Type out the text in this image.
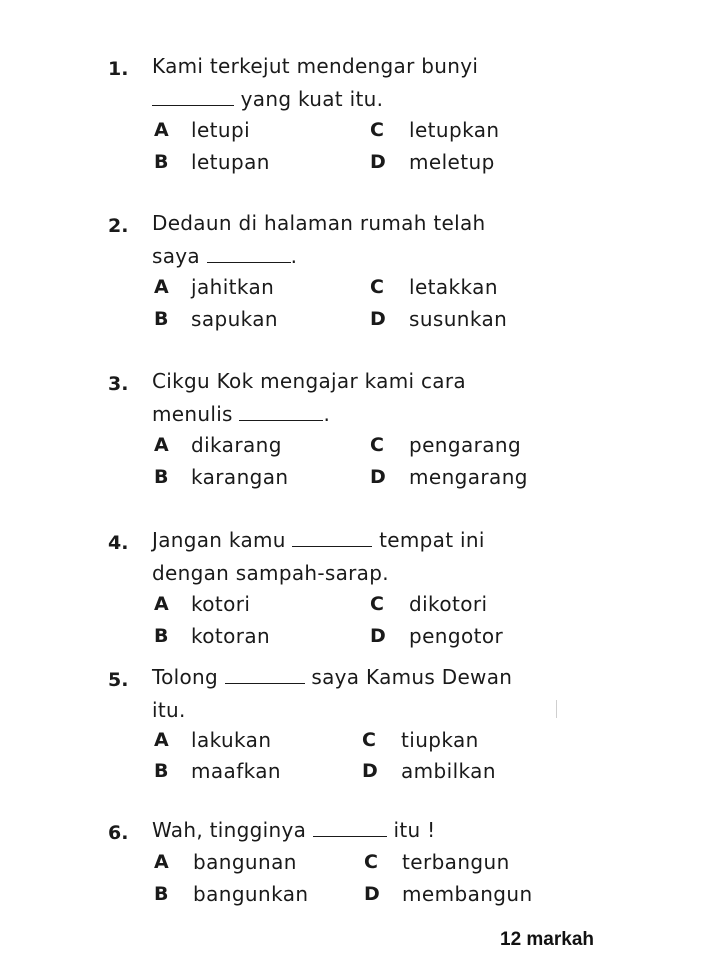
1. Kami terkejut mendengar bunyi
yang kuat itu.
A letupi
B letupan
C letupkan
D meletup
2. Dedaun di halaman rumah telah
saya	.
A jahitkan
B sapukan
C letakkan
D susunkan
3. Cikgu Kok mengajar kami cara
menulis	.
A dikarang
B karangan
C pengarang
D mengarang
4. Jangan kamu	tempat ini
dengan sampah-sarap.
A kotori
B kotoran
C dikotori
D pengotor
5. Tolong	saya Kamus Dewan
itu.
A lakukan
B maafkan
C tiupkan
D ambilkan
6. Wah, tingginya	itu !
A bangunan
B bangunkan
C terbangun
D membangun
12 markah
